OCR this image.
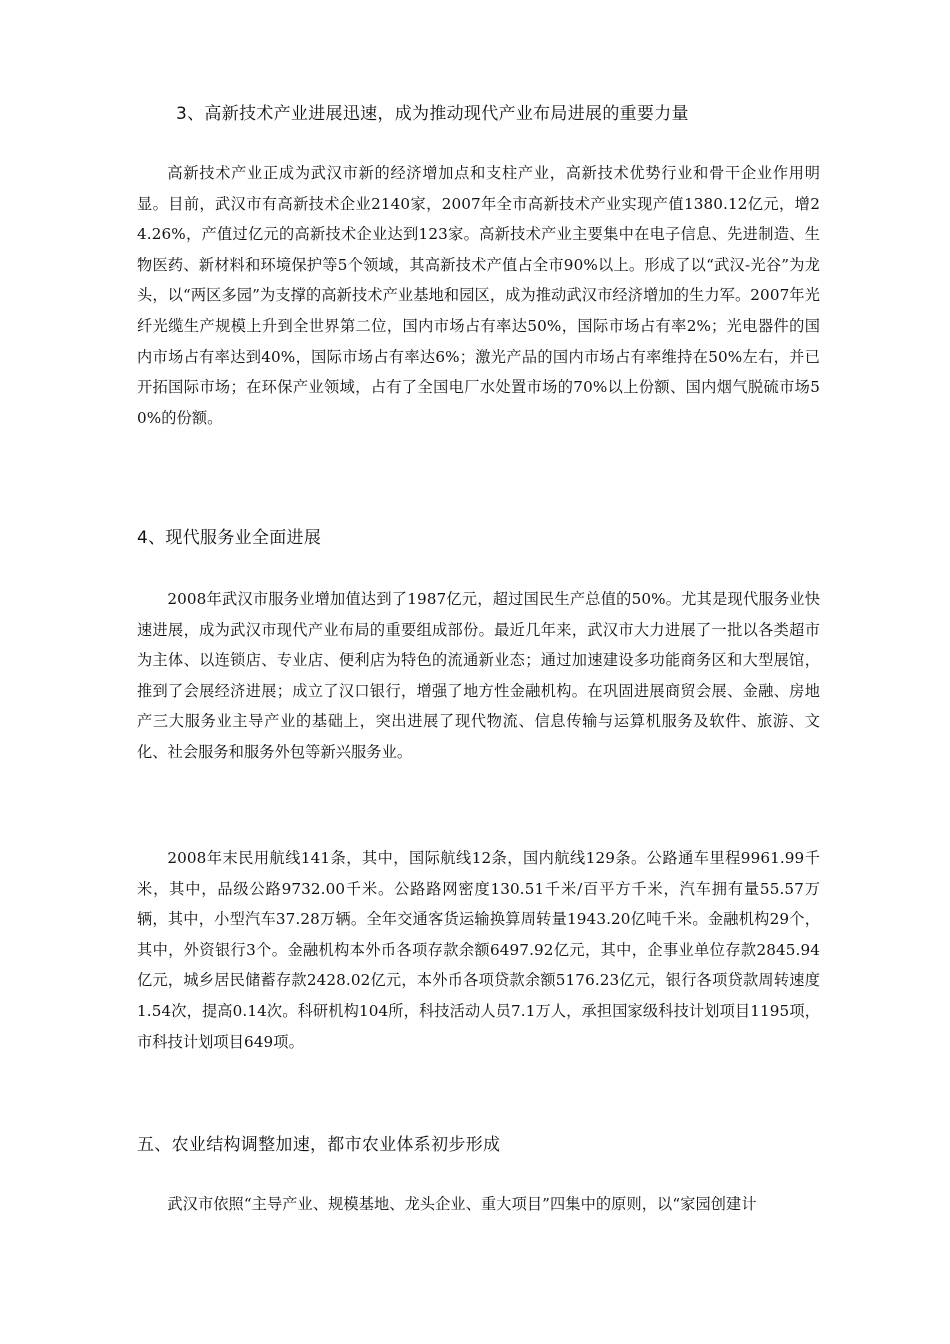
3、高新技术产业进展迅速，成为推动现代产业布局进展的重要力量

高新技术产业正成为武汉市新的经济增加点和支柱产业，高新技术优势行业和骨干企业作用明显。目前，武汉市有高新技术企业2140家，2007年全市高新技术产业实现产值1380.12亿元，增24.26%，产值过亿元的高新技术企业达到123家。高新技术产业主要集中在电子信息、先进制造、生物医药、新材料和环境保护等5个领域，其高新技术产值占全市90%以上。形成了以“武汉-光谷”为龙头，以“两区多园”为支撑的高新技术产业基地和园区，成为推动武汉市经济增加的生力军。2007年光纤光缆生产规模上升到全世界第二位，国内市场占有率达50%，国际市场占有率2%；光电器件的国内市场占有率达到40%，国际市场占有率达6%；激光产品的国内市场占有率维持在50%左右，并已开拓国际市场；在环保产业领域，占有了全国电厂水处置市场的70%以上份额、国内烟气脱硫市场50%的份额。

4、现代服务业全面进展

2008年武汉市服务业增加值达到了1987亿元，超过国民生产总值的50%。尤其是现代服务业快速进展，成为武汉市现代产业布局的重要组成部份。最近几年来，武汉市大力进展了一批以各类超市为主体、以连锁店、专业店、便利店为特色的流通新业态；通过加速建设多功能商务区和大型展馆，推到了会展经济进展；成立了汉口银行，增强了地方性金融机构。在巩固进展商贸会展、金融、房地产三大服务业主导产业的基础上，突出进展了现代物流、信息传输与运算机服务及软件、旅游、文化、社会服务和服务外包等新兴服务业。

2008年末民用航线141条，其中，国际航线12条，国内航线129条。公路通车里程9961.99千米，其中，品级公路9732.00千米。公路路网密度130.51千米/百平方千米，汽车拥有量55.57万辆，其中，小型汽车37.28万辆。全年交通客货运输换算周转量1943.20亿吨千米。金融机构29个，其中，外资银行3个。金融机构本外币各项存款余额6497.92亿元，其中，企事业单位存款2845.94亿元，城乡居民储蓄存款2428.02亿元，本外币各项贷款余额5176.23亿元，银行各项贷款周转速度1.54次，提高0.14次。科研机构104所，科技活动人员7.1万人，承担国家级科技计划项目1195项，市科技计划项目649项。

五、农业结构调整加速，都市农业体系初步形成

武汉市依照“主导产业、规模基地、龙头企业、重大项目”四集中的原则，以“家园创建计
